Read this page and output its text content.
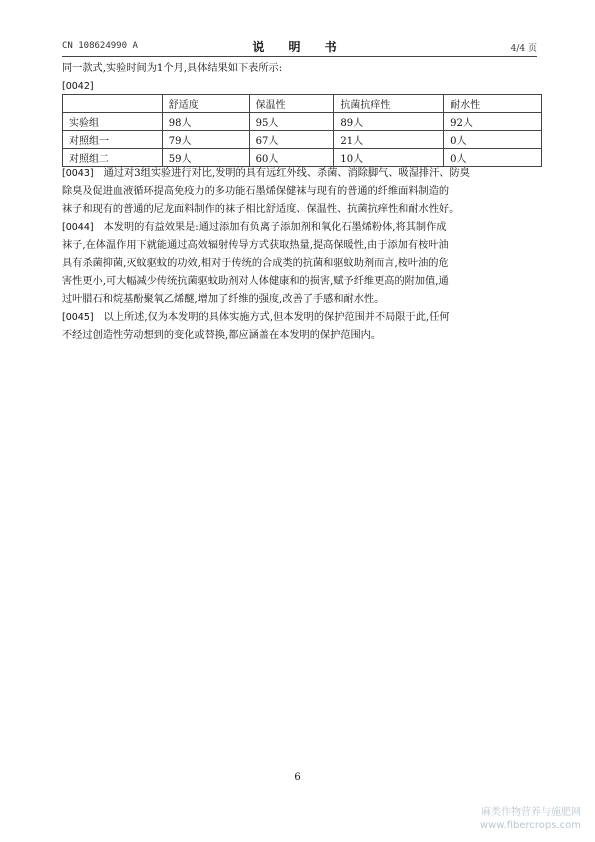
CN 108624990 A	说 明 书	4/4 页
同一款式,实验时间为1个月,具体结果如下表所示:
[0042]
	舒适度	保温性	抗菌抗痒性	耐水性
实验组	98人	95人	89人	92人
对照组一	79人	67人	21人	0人
对照组二	59人	60人	10人	0人
[0043] 通过对3组实验进行对比,发明的具有远红外线、杀菌、消除脚气、吸湿排汗、防臭
除臭及促进血液循环提高免疫力的多功能石墨烯保健袜与现有的普通的纤维面料制造的
袜子和现有的普通的尼龙面料制作的袜子相比舒适度、保温性、抗菌抗痒性和耐水性好。
[0044] 本发明的有益效果是:通过添加有负离子添加剂和氧化石墨烯粉体,将其制作成
袜子,在体温作用下就能通过高效辐射传导方式获取热量,提高保暖性,由于添加有桉叶油
具有杀菌抑菌,灭蚊驱蚊的功效,相对于传统的合成类的抗菌和驱蚊助剂而言,桉叶油的危
害性更小,可大幅减少传统抗菌驱蚊助剂对人体健康和的损害,赋予纤维更高的附加值,通
过叶腊石和烷基酚聚氧乙烯醚,增加了纤维的强度,改善了手感和耐水性。
[0045] 以上所述,仅为本发明的具体实施方式,但本发明的保护范围并不局限于此,任何
不经过创造性劳动想到的变化或替换,都应涵盖在本发明的保护范围内。
6
麻类作物营养与施肥网
www.fibercrops.com
